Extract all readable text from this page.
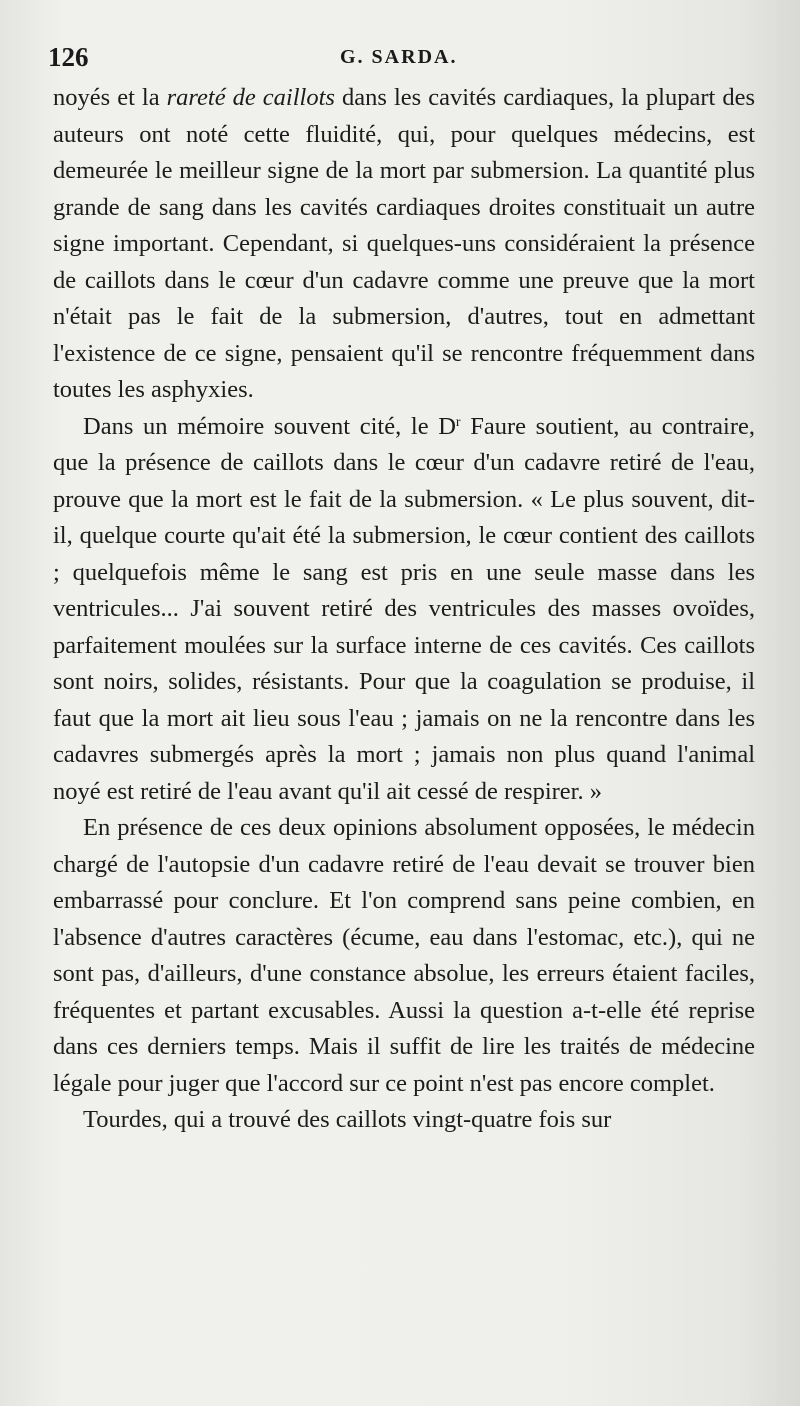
126	G. SARDA.

noyés et la rareté de caillots dans les cavités cardiaques, la plupart des auteurs ont noté cette fluidité, qui, pour quelques médecins, est demeurée le meilleur signe de la mort par submersion. La quantité plus grande de sang dans les cavités cardiaques droites constituait un autre signe important. Cependant, si quelques-uns considéraient la présence de caillots dans le cœur d'un cadavre comme une preuve que la mort n'était pas le fait de la submersion, d'autres, tout en admettant l'existence de ce signe, pensaient qu'il se rencontre fréquemment dans toutes les asphyxies.

Dans un mémoire souvent cité, le $D^r$ Faure soutient, au contraire, que la présence de caillots dans le cœur d'un cadavre retiré de l'eau, prouve que la mort est le fait de la submersion. « Le plus souvent, dit-il, quelque courte qu'ait été la submersion, le cœur contient des caillots ; quelquefois même le sang est pris en une seule masse dans les ventricules... J'ai souvent retiré des ventricules des masses ovoïdes, parfaitement moulées sur la surface interne de ces cavités. Ces caillots sont noirs, solides, résistants. Pour que la coagulation se produise, il faut que la mort ait lieu sous l'eau ; jamais on ne la rencontre dans les cadavres submergés après la mort ; jamais non plus quand l'animal noyé est retiré de l'eau avant qu'il ait cessé de respirer. »

En présence de ces deux opinions absolument opposées, le médecin chargé de l'autopsie d'un cadavre retiré de l'eau devait se trouver bien embarrassé pour conclure. Et l'on comprend sans peine combien, en l'absence d'autres caractères (écume, eau dans l'estomac, etc.), qui ne sont pas, d'ailleurs, d'une constance absolue, les erreurs étaient faciles, fréquentes et partant excusables. Aussi la question a-t-elle été reprise dans ces derniers temps. Mais il suffit de lire les traités de médecine légale pour juger que l'accord sur ce point n'est pas encore complet.

Tourdes, qui a trouvé des caillots vingt-quatre fois sur
